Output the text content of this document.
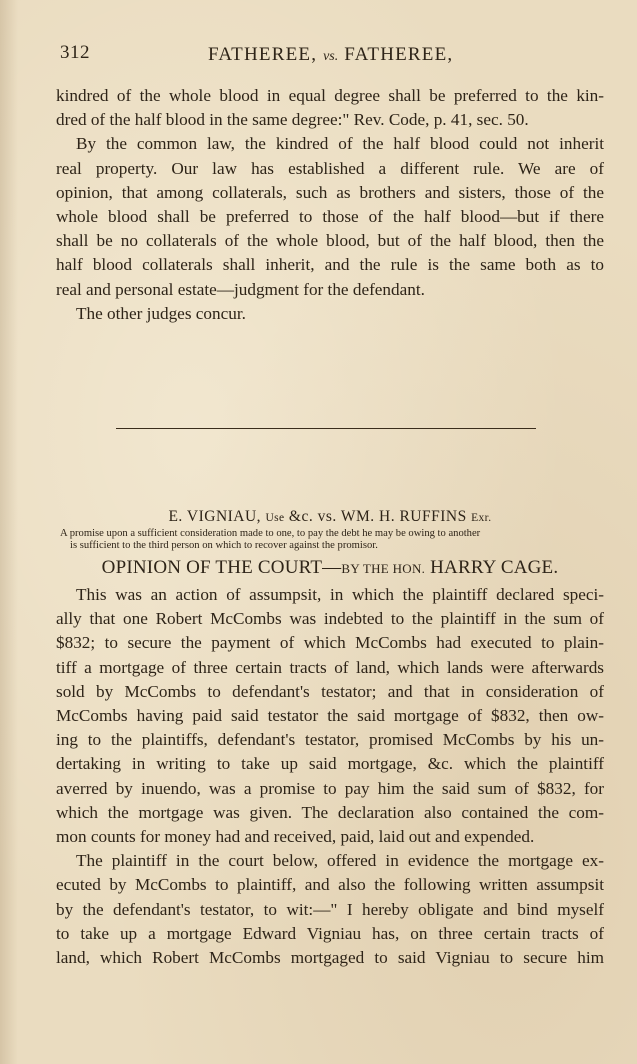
312	FATHEREE, vs. FATHEREE,

kindred of the whole blood in equal degree shall be preferred to the kin-

dred of the half blood in the same degree:" Rev. Code, p. 41, sec. 50.

By the common law, the kindred of the half blood could not inherit

real property. Our law has established a different rule. We are of

opinion, that among collaterals, such as brothers and sisters, those of the

whole blood shall be preferred to those of the half blood—but if there

shall be no collaterals of the whole blood, but of the half blood, then the

half blood collaterals shall inherit, and the rule is the same both as to

real and personal estate—judgment for the defendant.

The other judges concur.

E. VIGNIAU, Use &c. vs. WM. H. RUFFINS Exr.

A promise upon a sufficient consideration made to one, to pay the debt he may be owing to another

is sufficient to the third person on which to recover against the promisor.

OPINION OF THE COURT—BY THE HON. HARRY CAGE.

This was an action of assumpsit, in which the plaintiff declared speci-

ally that one Robert McCombs was indebted to the plaintiff in the sum of

$832; to secure the payment of which McCombs had executed to plain-

tiff a mortgage of three certain tracts of land, which lands were afterwards

sold by McCombs to defendant's testator; and that in consideration of

McCombs having paid said testator the said mortgage of $832, then ow-

ing to the plaintiffs, defendant's testator, promised McCombs by his un-

dertaking in writing to take up said mortgage, &c. which the plaintiff

averred by inuendo, was a promise to pay him the said sum of $832, for

which the mortgage was given. The declaration also contained the com-

mon counts for money had and received, paid, laid out and expended.

The plaintiff in the court below, offered in evidence the mortgage ex-

ecuted by McCombs to plaintiff, and also the following written assumpsit

by the defendant's testator, to wit:—" I hereby obligate and bind myself

to take up a mortgage Edward Vigniau has, on three certain tracts of

land, which Robert McCombs mortgaged to said Vigniau to secure him
